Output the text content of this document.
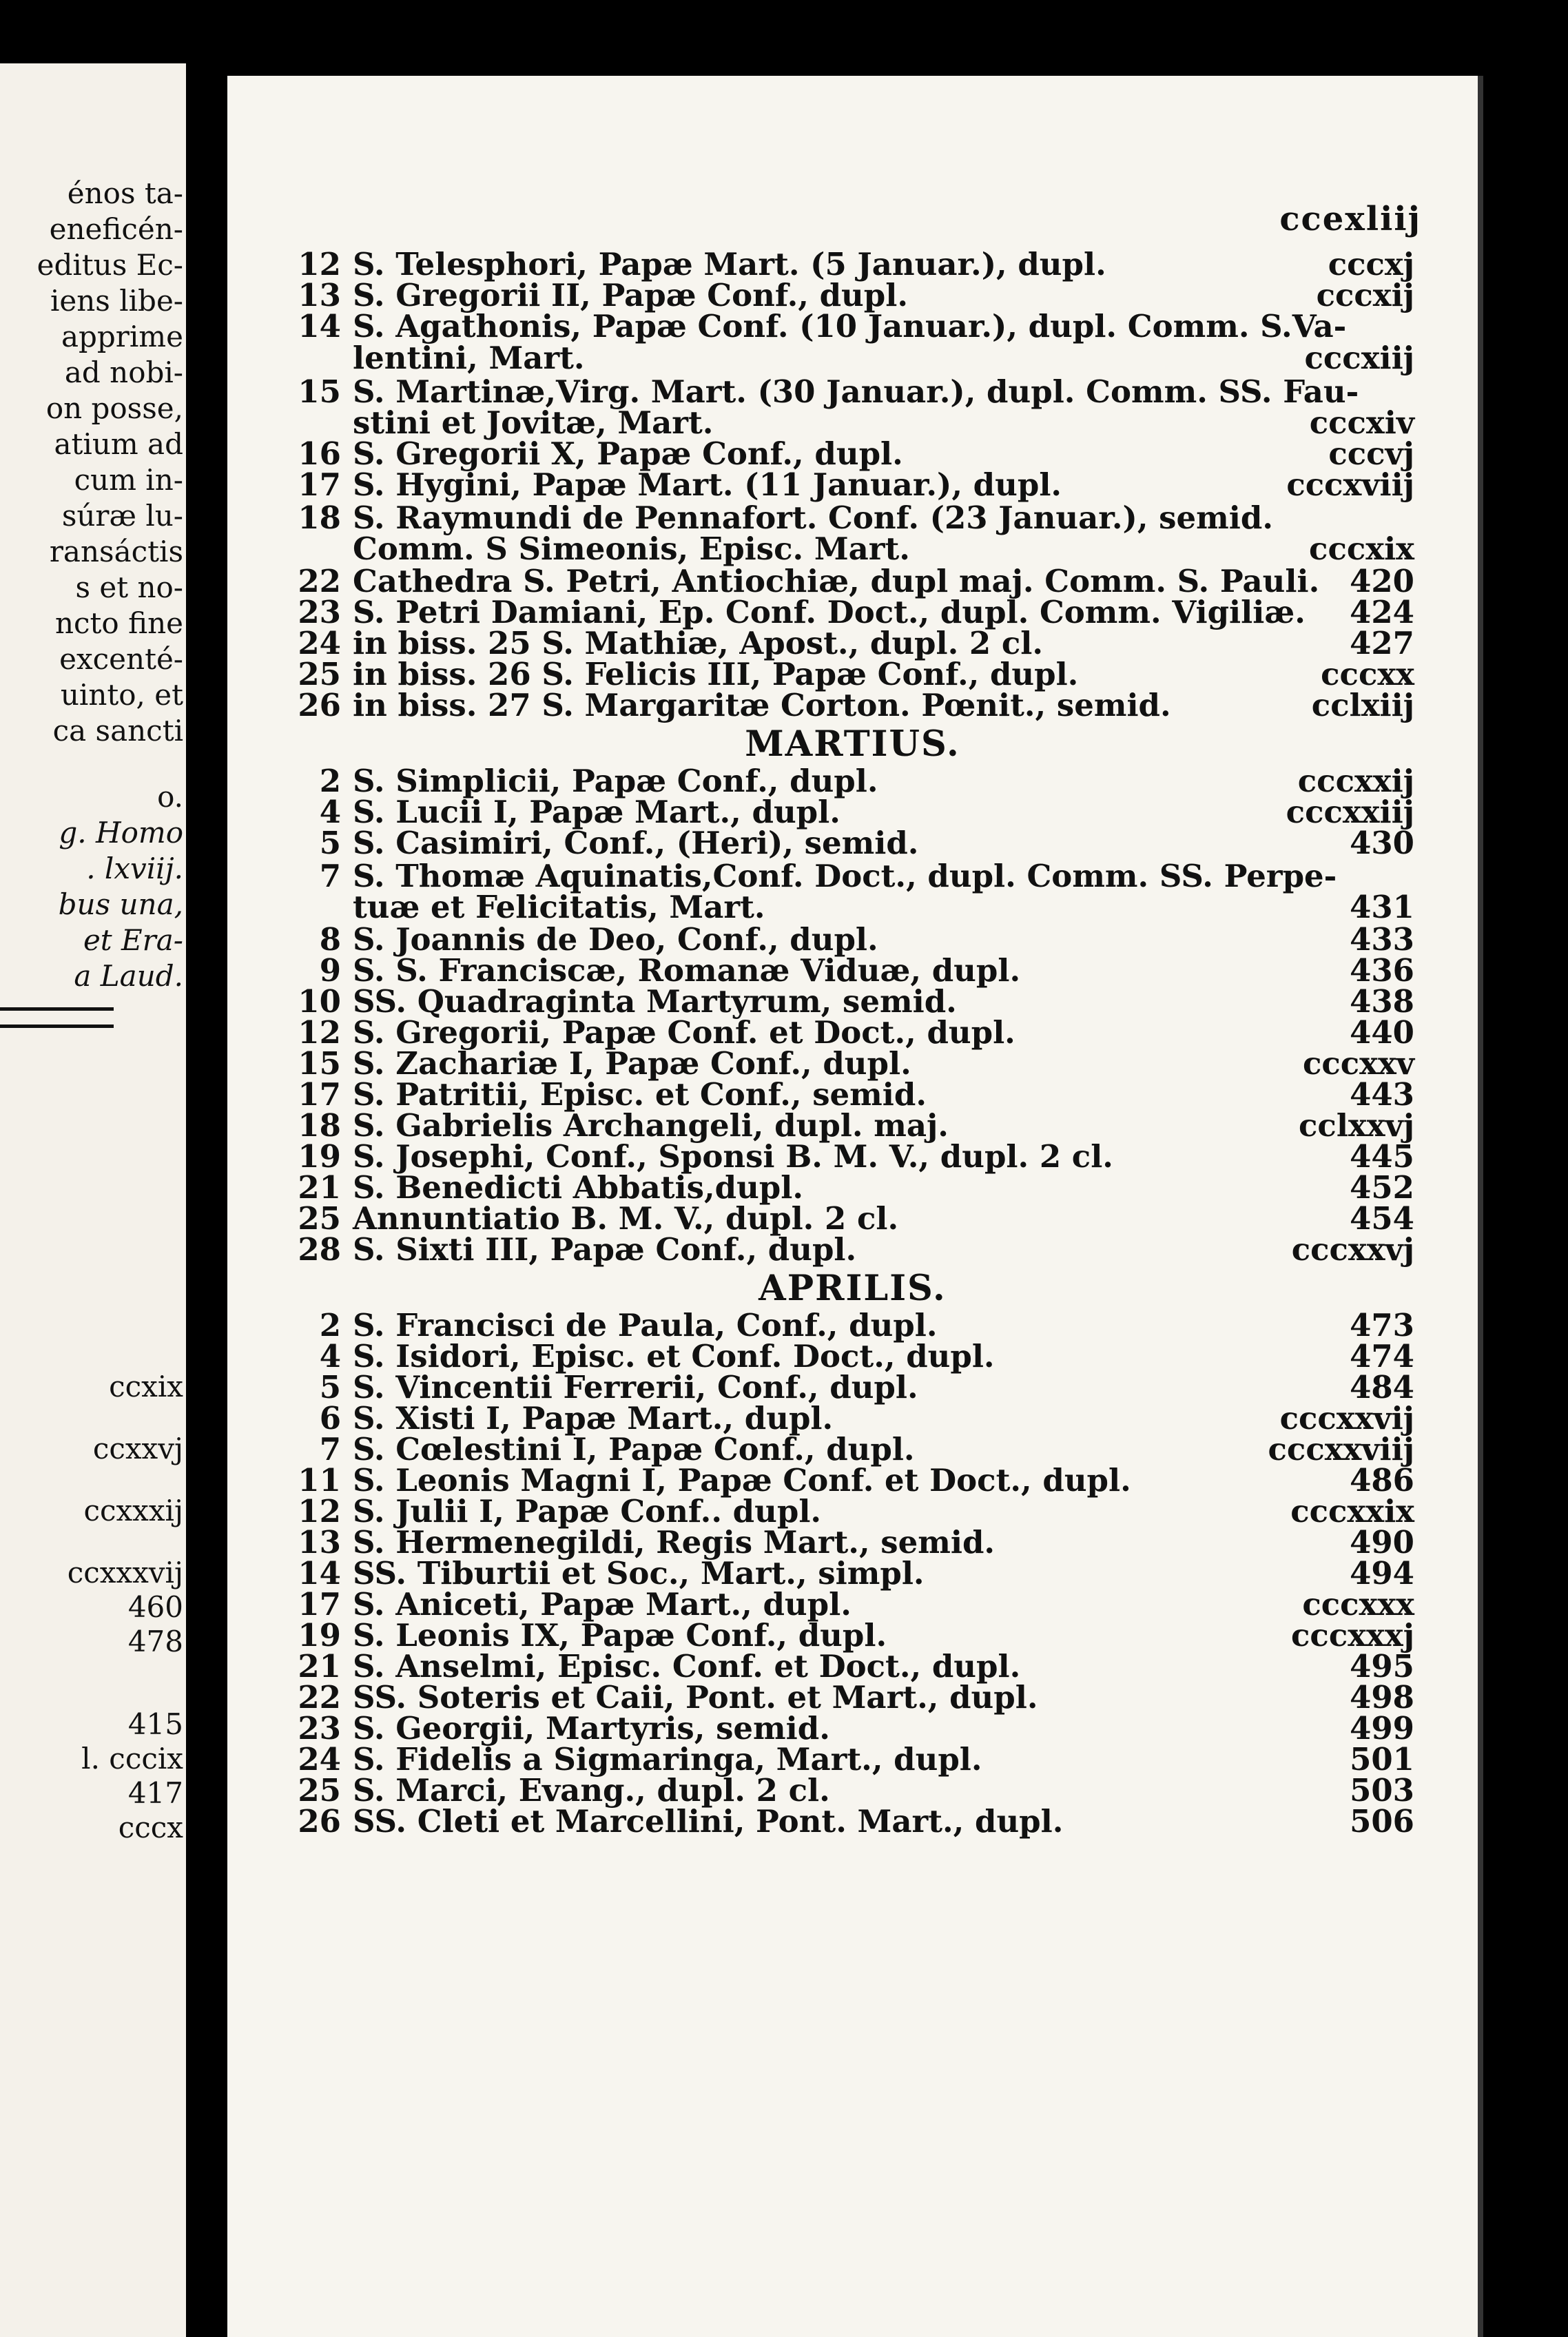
énos ta-
eneficén-
editus Ec-
iens libe-
apprime
ad nobi-
on posse,
atium ad
cum in-
súræ lu-
ransáctis
s et no-
ncto fine
excenté-
uinto, et
ca sancti
o.
g. Homo
. lxviij.
bus una,
et Era-
a Laud.
ccxix
ccxxvj
ccxxxij
ccxxxvij
460
478
415
l. cccix
417
cccx
ccexliij
12 S. Telesphori, Papæ Mart. (5 Januar.), dupl.	cccxj
13 S. Gregorii II, Papæ Conf., dupl.	cccxij
14 S. Agathonis, Papæ Conf. (10 Januar.), dupl. Comm. S.Va-
lentini, Mart.	cccxiij
15 S. Martinæ,Virg. Mart. (30 Januar.), dupl. Comm. SS. Fau-
stini et Jovitæ, Mart.	cccxiv
16 S. Gregorii X, Papæ Conf., dupl.	cccvj
17 S. Hygini, Papæ Mart. (11 Januar.), dupl.	cccxviij
18 S. Raymundi de Pennafort. Conf. (23 Januar.), semid.
Comm. S Simeonis, Episc. Mart.	cccxix
22 Cathedra S. Petri, Antiochiæ, dupl maj. Comm. S. Pauli. 420
23 S. Petri Damiani, Ep. Conf. Doct., dupl. Comm. Vigiliæ. 424
24 in biss. 25 S. Mathiæ, Apost., dupl. 2 cl.	427
25 in biss. 26 S. Felicis III, Papæ Conf., dupl.	cccxx
26 in biss. 27 S. Margaritæ Corton. Pœnit., semid.	cclxiij
2 S. Simplicii, Papæ Conf., dupl.	cccxxij
4 S. Lucii I, Papæ Mart., dupl.	cccxxiij
5 S. Casimiri, Conf., (Heri), semid.	430
7 S. Thomæ Aquinatis,Conf. Doct., dupl. Comm. SS. Perpe-
tuæ et Felicitatis, Mart.	431
8 S. Joannis de Deo, Conf., dupl.	433
9 S. S. Franciscæ, Romanæ Viduæ, dupl.	436
10 SS. Quadraginta Martyrum, semid.	438
12 S. Gregorii, Papæ Conf. et Doct., dupl.	440
15 S. Zachariæ I, Papæ Conf., dupl.	cccxxv
17 S. Patritii, Episc. et Conf., semid.	443
18 S. Gabrielis Archangeli, dupl. maj.	cclxxvj
19 S. Josephi, Conf., Sponsi B. M. V., dupl. 2 cl.	445
21 S. Benedicti Abbatis,dupl.	452
25 Annuntiatio B. M. V., dupl. 2 cl.	454
28 S. Sixti III, Papæ Conf., dupl.	cccxxvj
2 S. Francisci de Paula, Conf., dupl.	473
4 S. Isidori, Episc. et Conf. Doct., dupl.	474
5 S. Vincentii Ferrerii, Conf., dupl.	484
6 S. Xisti I, Papæ Mart., dupl.	cccxxvij
7 S. Cœlestini I, Papæ Conf., dupl.	cccxxviij
11 S. Leonis Magni I, Papæ Conf. et Doct., dupl.	486
12 S. Julii I, Papæ Conf.. dupl.	cccxxix
13 S. Hermenegildi, Regis Mart., semid.	490
14 SS. Tiburtii et Soc., Mart., simpl.	494
17 S. Aniceti, Papæ Mart., dupl.	cccxxx
19 S. Leonis IX, Papæ Conf., dupl.	cccxxxj
21 S. Anselmi, Episc. Conf. et Doct., dupl.	495
22 SS. Soteris et Caii, Pont. et Mart., dupl.	498
23 S. Georgii, Martyris, semid.	499
24 S. Fidelis a Sigmaringa, Mart., dupl.	501
25 S. Marci, Evang., dupl. 2 cl.	503
26 SS. Cleti et Marcellini, Pont. Mart., dupl.	506
MARTIUS.
APRILIS.
